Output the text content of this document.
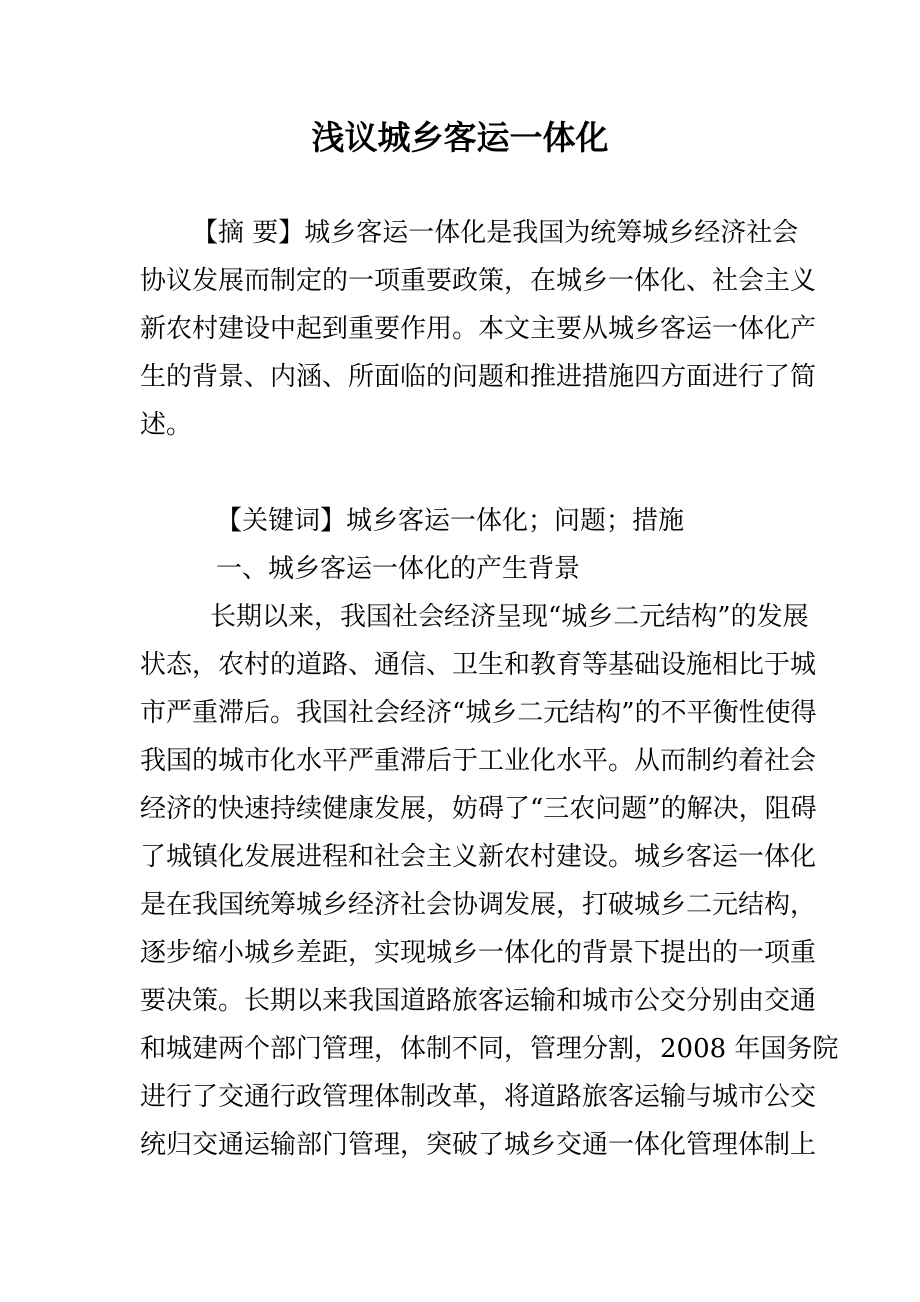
浅议城乡客运一体化
【摘 要】城乡客运一体化是我国为统筹城乡经济社会
协议发展而制定的一项重要政策，在城乡一体化、社会主义
新农村建设中起到重要作用。本文主要从城乡客运一体化产
生的背景、内涵、所面临的问题和推进措施四方面进行了简
述。
【关键词】城乡客运一体化；问题；措施
一、城乡客运一体化的产生背景
长期以来，我国社会经济呈现“城乡二元结构”的发展
状态，农村的道路、通信、卫生和教育等基础设施相比于城
市严重滞后。我国社会经济“城乡二元结构”的不平衡性使得
我国的城市化水平严重滞后于工业化水平。从而制约着社会
经济的快速持续健康发展，妨碍了“三农问题”的解决，阻碍
了城镇化发展进程和社会主义新农村建设。城乡客运一体化
是在我国统筹城乡经济社会协调发展，打破城乡二元结构，
逐步缩小城乡差距，实现城乡一体化的背景下提出的一项重
要决策。长期以来我国道路旅客运输和城市公交分别由交通
和城建两个部门管理，体制不同，管理分割，2008 年国务院
进行了交通行政管理体制改革，将道路旅客运输与城市公交
统归交通运输部门管理，突破了城乡交通一体化管理体制上
